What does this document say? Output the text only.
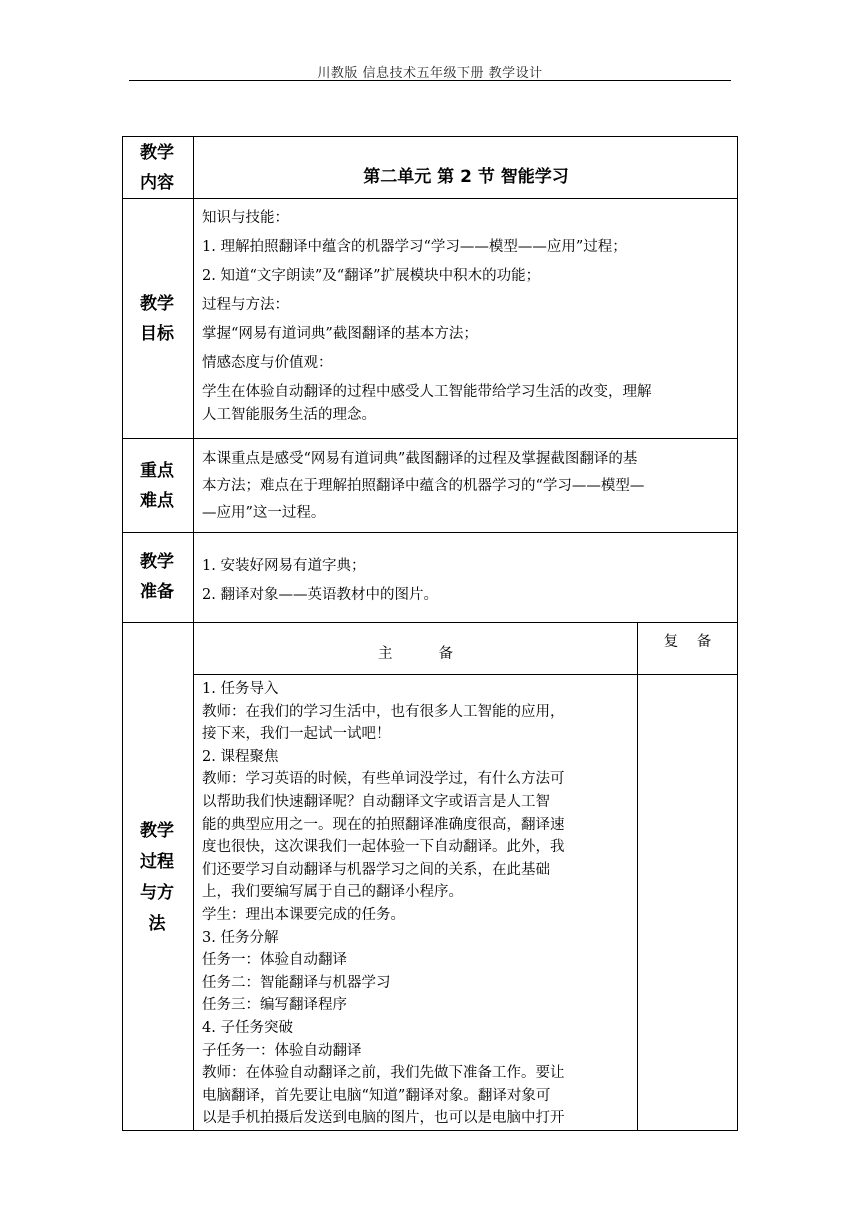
川教版 信息技术五年级下册 教学设计
教学
内容	第二单元 第 2 节 智能学习
教学
目标

知识与技能：

1. 理解拍照翻译中蕴含的机器学习“学习——模型——应用”过程；

2. 知道“文字朗读”及“翻译”扩展模块中积木的功能；

过程与方法：

掌握“网易有道词典”截图翻译的基本方法；

情感态度与价值观：

学生在体验自动翻译的过程中感受人工智能带给学习生活的改变，理解

人工智能服务生活的理念。

重点
难点

本课重点是感受“网易有道词典”截图翻译的过程及掌握截图翻译的基

本方法；难点在于理解拍照翻译中蕴含的机器学习的“学习——模型—

—应用”这一过程。

教学
准备

1. 安装好网易有道字典；

2. 翻译对象——英语教材中的图片。

教学
过程
与方
法
主          备
复    备

1. 任务导入

教师：在我们的学习生活中，也有很多人工智能的应用，

接下来，我们一起试一试吧！

2. 课程聚焦

教师：学习英语的时候，有些单词没学过，有什么方法可

以帮助我们快速翻译呢？自动翻译文字或语言是人工智

能的典型应用之一。现在的拍照翻译准确度很高，翻译速

度也很快，这次课我们一起体验一下自动翻译。此外，我

们还要学习自动翻译与机器学习之间的关系，在此基础

上，我们要编写属于自己的翻译小程序。

学生：理出本课要完成的任务。

3. 任务分解

任务一：体验自动翻译

任务二：智能翻译与机器学习

任务三：编写翻译程序

4. 子任务突破

子任务一：体验自动翻译

教师：在体验自动翻译之前，我们先做下准备工作。要让

电脑翻译，首先要让电脑“知道”翻译对象。翻译对象可

以是手机拍摄后发送到电脑的图片，也可以是电脑中打开
